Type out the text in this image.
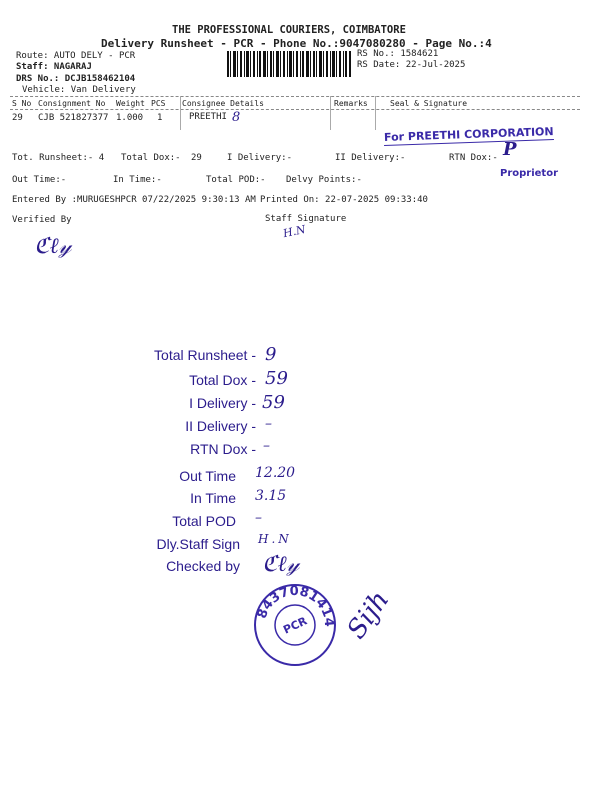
THE PROFESSIONAL COURIERS, COIMBATORE
Delivery Runsheet - PCR - Phone No.:9047080280 - Page No.:4
Route: AUTO DELY - PCR
Staff: NAGARAJ
DRS No.: DCJB158462104
Vehicle: Van Delivery
RS No.: 1584621
RS Date: 22-Jul-2025
S No Consignment No Weight PCS Consignee Details	Remarks	Seal & Signature
29 CJB 521827377 1.000 1	PREETHI 8
For PREETHI CORPORATION
P
Proprietor
Tot. Runsheet:- 4 Total Dox:- 29	I Delivery:-	II Delivery:-	RTN Dox:-
Out Time:-	In Time:-	Total POD:- Delvy Points:-
Entered By :MURUGESHPCR 07/22/2025 9:30:13 AM Printed On: 22-07-2025 09:33:40
Verified By	Staff Signature
H.N
ℭℓ𝓎
Total Runsheet - 9
Total Dox - 59
I Delivery - 59
II Delivery - –
RTN Dox - –
Out Time 12.20
In Time 3.15
Total POD –
Dly.Staff Sign H.N
Checked by ℭℓ𝓎
8437081414
PCR Sijh
